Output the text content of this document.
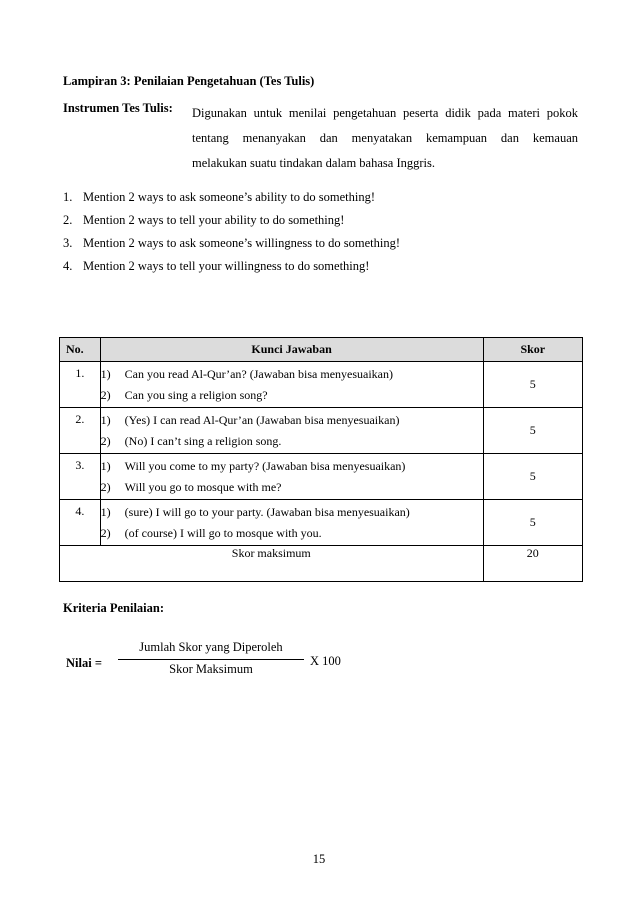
Lampiran 3: Penilaian Pengetahuan (Tes Tulis)
Instrumen Tes Tulis: Digunakan untuk menilai pengetahuan peserta didik pada materi pokok
tentang menanyakan dan menyatakan kemampuan dan kemauan
melakukan suatu tindakan dalam bahasa Inggris.
1. Mention 2 ways to ask someone’s ability to do something!
2. Mention 2 ways to tell your ability to do something!
3. Mention 2 ways to ask someone’s willingness to do something!
4. Mention 2 ways to tell your willingness to do something!
No.	Kunci Jawaban	Skor
1.	1) Can you read Al-Qur’an? (Jawaban bisa menyesuaikan)
2) Can you sing a religion song?	5
2.	1) (Yes) I can read Al-Qur’an (Jawaban bisa menyesuaikan)
2) (No) I can’t sing a religion song.	5
3.	1) Will you come to my party? (Jawaban bisa menyesuaikan)
2) Will you go to mosque with me?	5
4.	1) (sure) I will go to your party. (Jawaban bisa menyesuaikan)
2) (of course) I will go to mosque with you.	5
Skor maksimum		20
Kriteria Penilaian:
Nilai =
Jumlah Skor yang Diperoleh
Skor Maksimum
X 100
15
